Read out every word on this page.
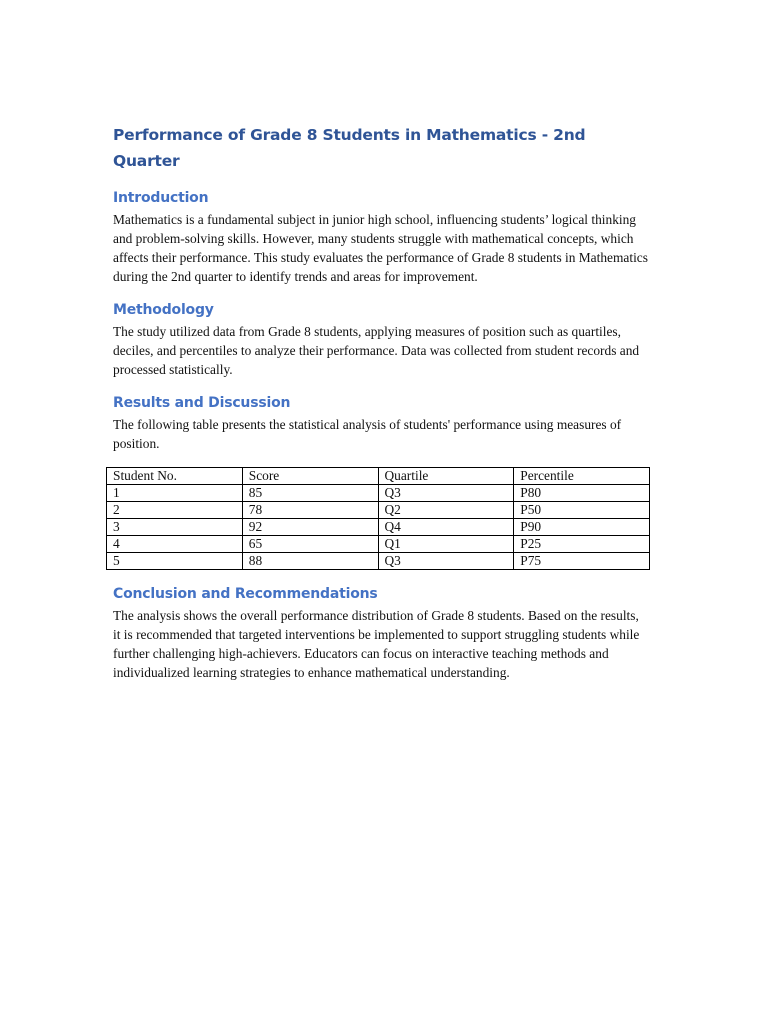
Performance of Grade 8 Students in Mathematics - 2nd Quarter
Introduction

Mathematics is a fundamental subject in junior high school, influencing students’ logical thinking and problem-solving skills. However, many students struggle with mathematical concepts, which affects their performance. This study evaluates the performance of Grade 8 students in Mathematics during the 2nd quarter to identify trends and areas for improvement.

Methodology

The study utilized data from Grade 8 students, applying measures of position such as quartiles, deciles, and percentiles to analyze their performance. Data was collected from student records and processed statistically.

Results and Discussion

The following table presents the statistical analysis of students' performance using measures of position.

Student No.	Score	Quartile	Percentile
1	85	Q3	P80
2	78	Q2	P50
3	92	Q4	P90
4	65	Q1	P25
5	88	Q3	P75
Conclusion and Recommendations

The analysis shows the overall performance distribution of Grade 8 students. Based on the results, it is recommended that targeted interventions be implemented to support struggling students while further challenging high-achievers. Educators can focus on interactive teaching methods and individualized learning strategies to enhance mathematical understanding.
